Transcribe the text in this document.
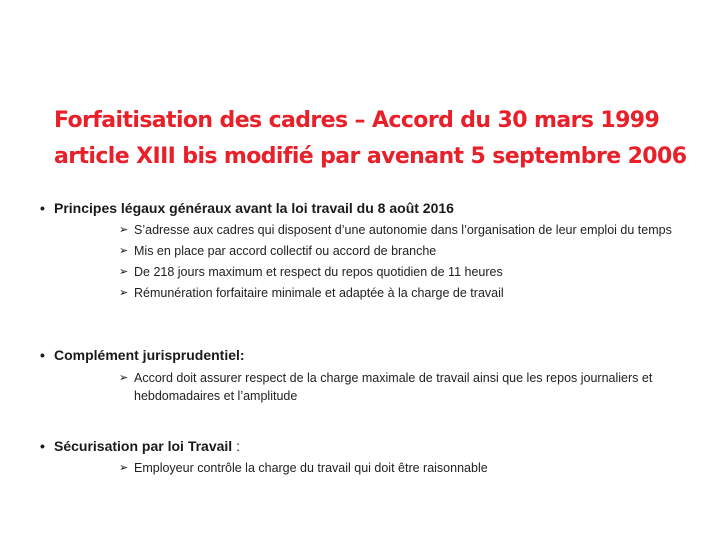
Forfaitisation des cadres – Accord du 30 mars 1999
article XIII bis modifié par avenant 5 septembre 2006
• Principes légaux généraux avant la loi travail du 8 août 2016
➢ S’adresse aux cadres qui disposent d’une autonomie dans l’organisation de leur emploi du temps
➢ Mis en place par accord collectif ou accord de branche
➢ De 218 jours maximum et respect du repos quotidien de 11 heures
➢ Rémunération forfaitaire minimale et adaptée à la charge de travail
• Complément jurisprudentiel:
➢ Accord doit assurer respect de la charge maximale de travail ainsi que les repos journaliers et hebdomadaires et l’amplitude
• Sécurisation par loi Travail :
➢ Employeur contrôle la charge du travail qui doit être raisonnable
